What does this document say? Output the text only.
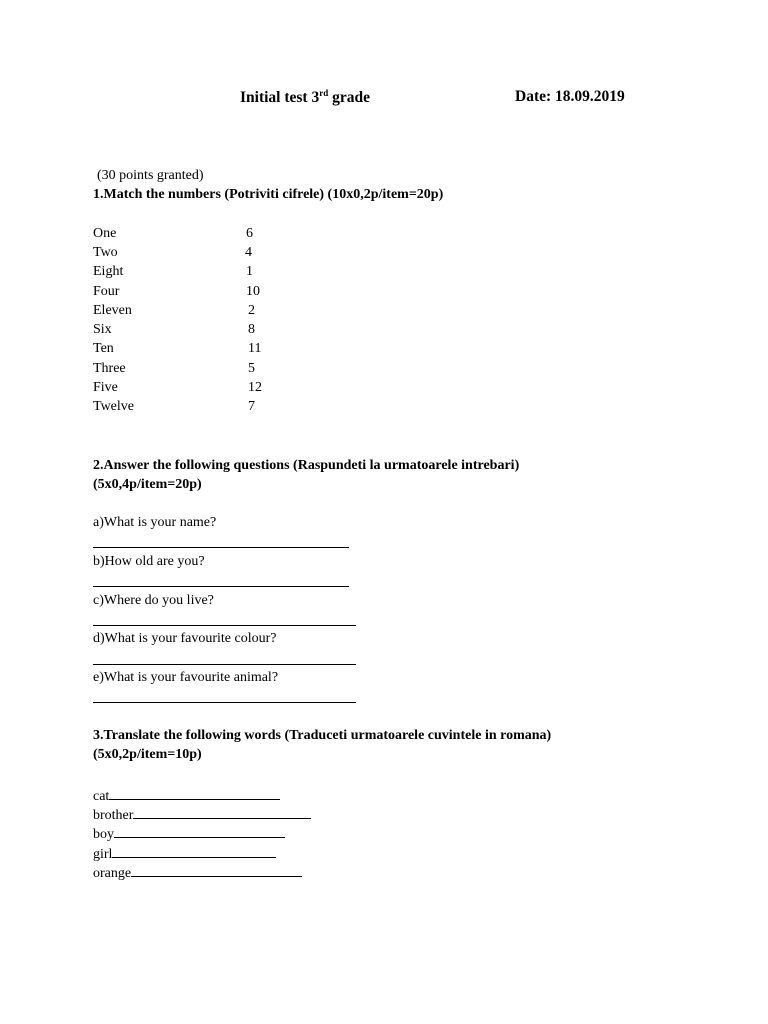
Initial test 3rd grade	Date: 18.09.2019
(30 points granted)
1.Match the numbers (Potriviti cifrele) (10x0,2p/item=20p)
One	6
Two	4
Eight	1
Four	10
Eleven	2
Six	8
Ten	11
Three	5
Five	12
Twelve	7
2.Answer the following questions (Raspundeti la urmatoarele intrebari)
(5x0,4p/item=20p)
a)What is your name?
b)How old are you?
c)Where do you live?
d)What is your favourite colour?
e)What is your favourite animal?
3.Translate the following words (Traduceti urmatoarele cuvintele in romana)
(5x0,2p/item=10p)
cat
brother
boy
girl
orange
